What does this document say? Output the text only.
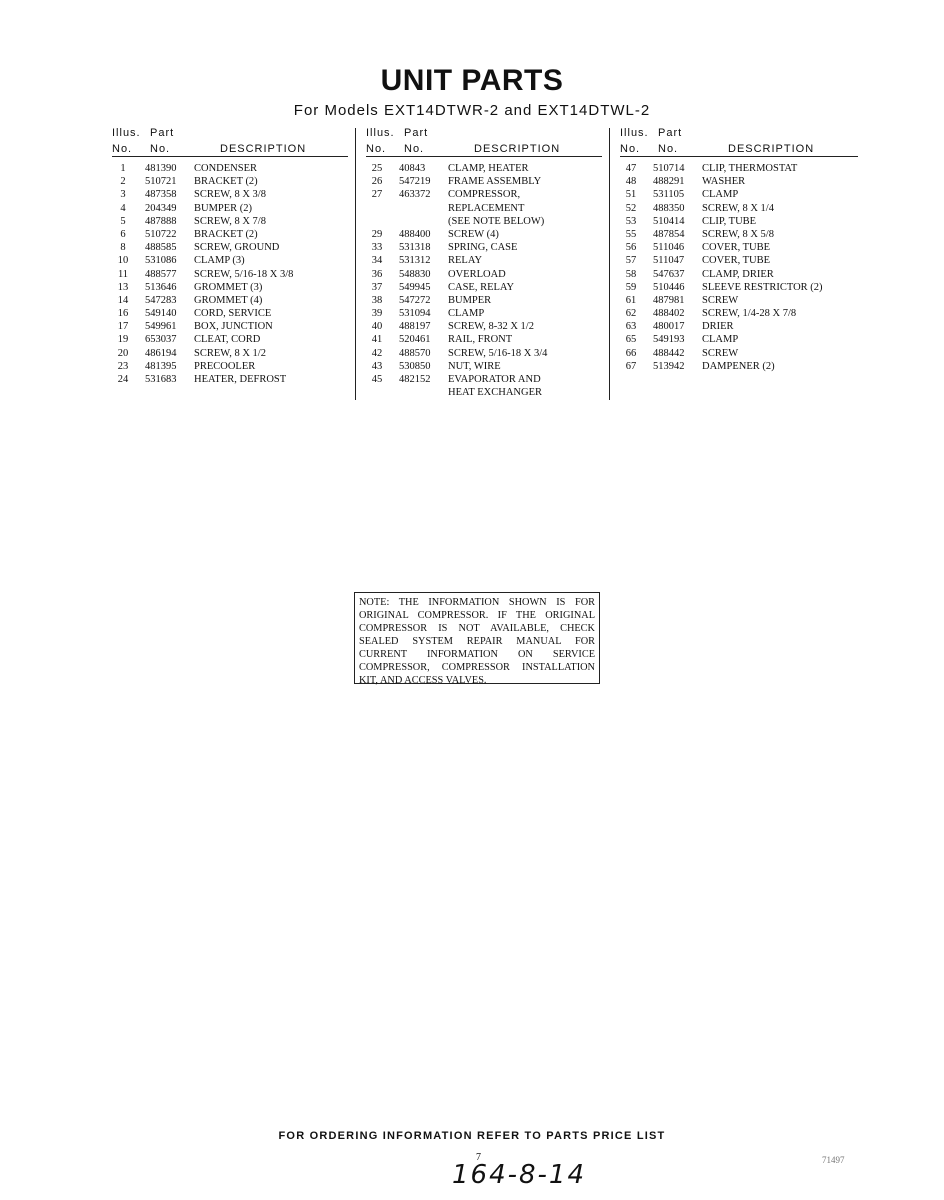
UNIT PARTS
For Models EXT14DTWR-2 and EXT14DTWL-2
Illus. Part
No. No.	DESCRIPTION
1	481390 CONDENSER
2	510721 BRACKET (2)
3	487358 SCREW, 8 X 3/8
4	204349 BUMPER (2)
5	487888 SCREW, 8 X 7/8
6	510722 BRACKET (2)
8	488585 SCREW, GROUND
10	531086 CLAMP (3)
11	488577 SCREW, 5/16-18 X 3/8
13	513646 GROMMET (3)
14	547283 GROMMET (4)
16	549140 CORD, SERVICE
17	549961 BOX, JUNCTION
19	653037 CLEAT, CORD
20	486194 SCREW, 8 X 1/2
23	481395 PRECOOLER
24	531683 HEATER, DEFROST
Illus. Part
No. No.	DESCRIPTION
25	40843 CLAMP, HEATER
26	547219 FRAME ASSEMBLY
27	463372 COMPRESSOR,
REPLACEMENT
(SEE NOTE BELOW)
29	488400 SCREW (4)
33	531318 SPRING, CASE
34	531312 RELAY
36	548830 OVERLOAD
37	549945 CASE, RELAY
38	547272 BUMPER
39	531094 CLAMP
40	488197 SCREW, 8-32 X 1/2
41	520461 RAIL, FRONT
42	488570 SCREW, 5/16-18 X 3/4
43	530850 NUT, WIRE
45	482152 EVAPORATOR AND
HEAT EXCHANGER
Illus. Part
No. No.	DESCRIPTION
47	510714 CLIP, THERMOSTAT
48	488291 WASHER
51	531105 CLAMP
52	488350 SCREW, 8 X 1/4
53	510414 CLIP, TUBE
55	487854 SCREW, 8 X 5/8
56	511046 COVER, TUBE
57	511047 COVER, TUBE
58	547637 CLAMP, DRIER
59	510446 SLEEVE RESTRICTOR (2)
61	487981 SCREW
62	488402 SCREW, 1/4-28 X 7/8
63	480017 DRIER
65	549193 CLAMP
66	488442 SCREW
67	513942 DAMPENER (2)
NOTE: THE INFORMATION SHOWN IS FOR ORIGINAL COMPRESSOR. IF THE ORIGINAL COMPRESSOR IS NOT AVAILABLE, CHECK SEALED SYSTEM REPAIR MANUAL FOR CURRENT INFORMATION ON SERVICE COMPRESSOR, COMPRESSOR INSTALLATION KIT, AND ACCESS VALVES.
FOR ORDERING INFORMATION REFER TO PARTS PRICE LIST
7
164-8-14	71497
